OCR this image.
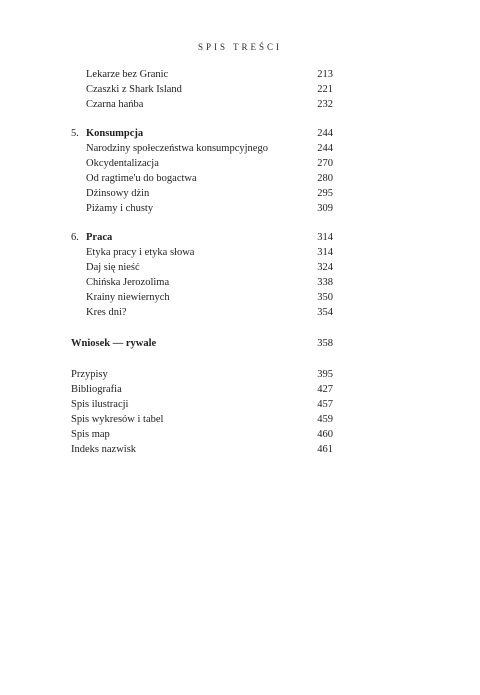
SPIS TREŚCI
Lekarze bez Granic	213
Czaszki z Shark Island	221
Czarna hańba	232
5. Konsumpcja	244
Narodziny społeczeństwa konsumpcyjnego	244
Okcydentalizacja	270
Od ragtime'u do bogactwa	280
Dżinsowy dżin	295
Piżamy i chusty	309
6. Praca	314
Etyka pracy i etyka słowa	314
Daj się nieść	324
Chińska Jerozolima	338
Krainy niewiernych	350
Kres dni?	354
Wniosek — rywale	358
Przypisy	395
Bibliografia	427
Spis ilustracji	457
Spis wykresów i tabel	459
Spis map	460
Indeks nazwisk	461
